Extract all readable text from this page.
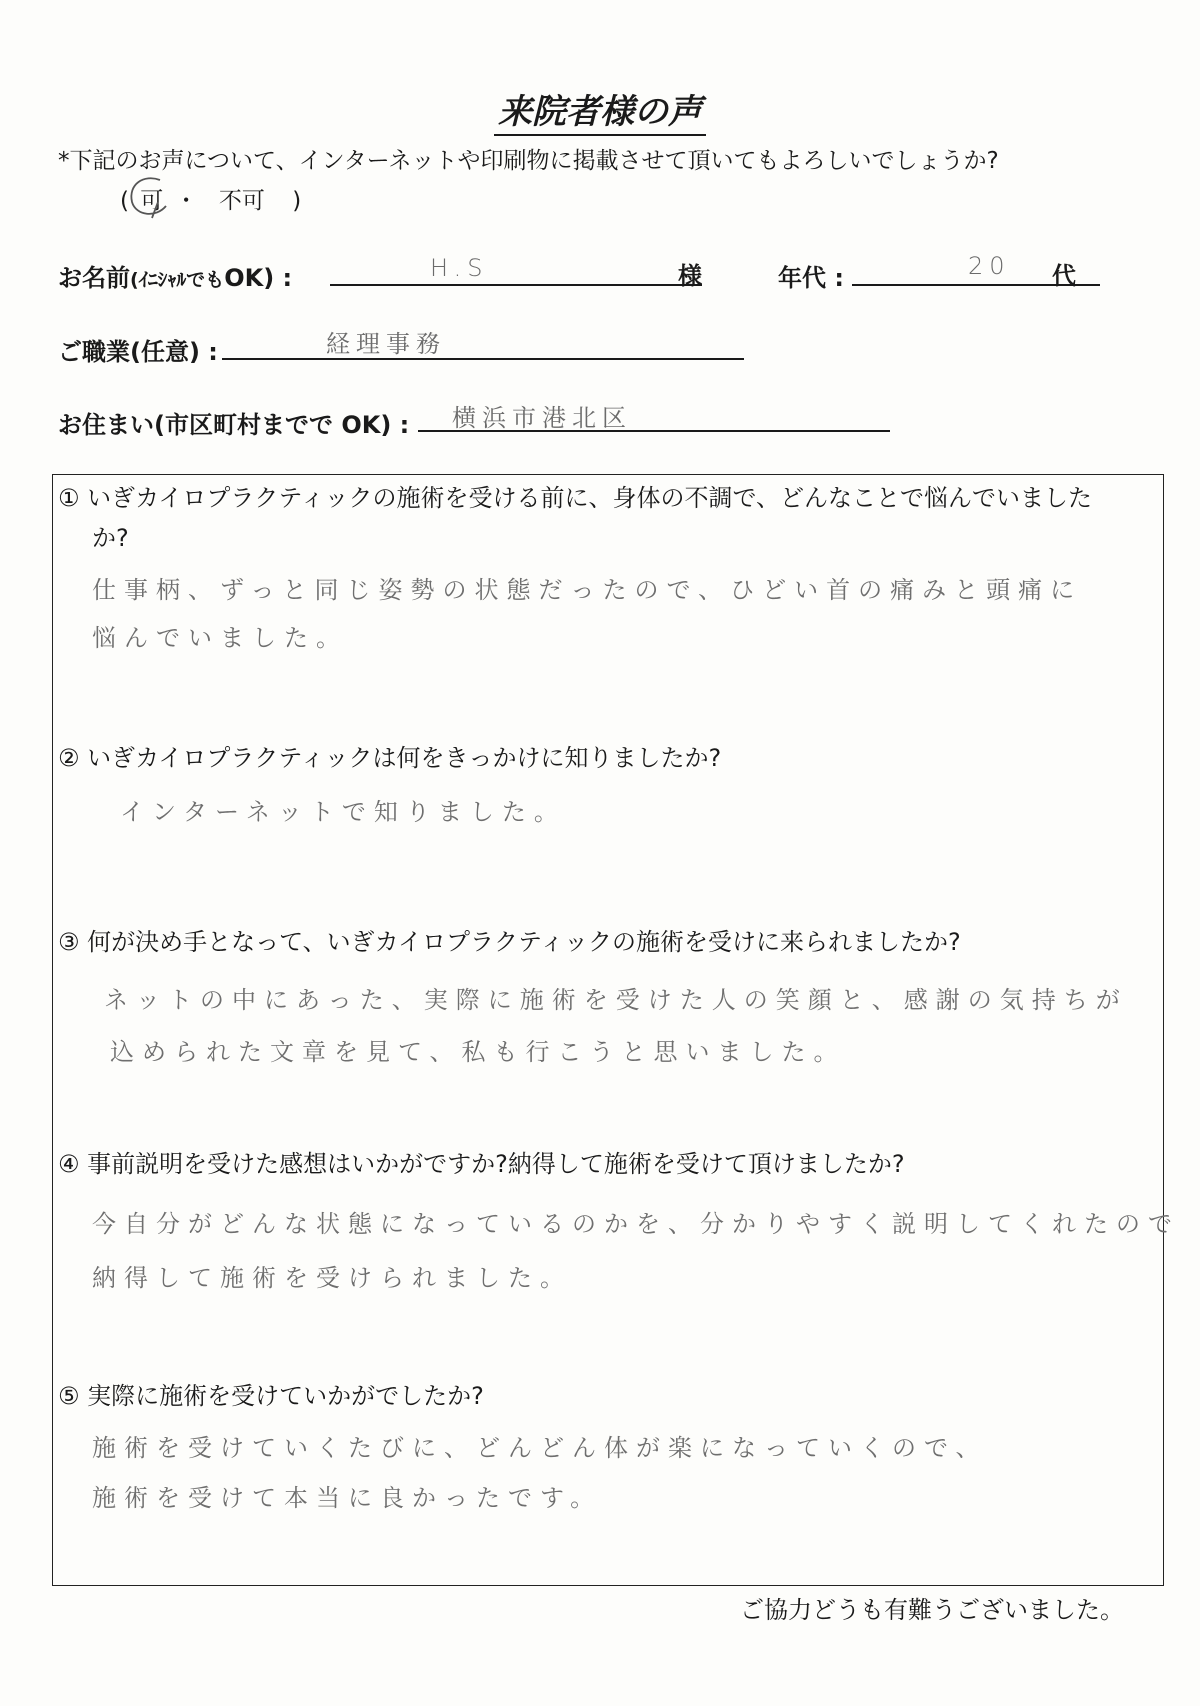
来院者様の声
*下記のお声について、インターネットや印刷物に掲載させて頂いてもよろしいでしょうか?
( 可 ・ 不可 )
お名前(ｲﾆｼｬﾙでもOK) :	H.S	様	年代 :	20 代
ご職業(任意) :	経理事務
お住まい(市区町村までで OK) : 横浜市港北区
① いぎカイロプラクティックの施術を受ける前に、身体の不調で、どんなことで悩んでいました
か?
仕事柄、ずっと同じ姿勢の状態だったので、ひどい首の痛みと頭痛に
悩んでいました。
② いぎカイロプラクティックは何をきっかけに知りましたか?
インターネットで知りました。
③ 何が決め手となって、いぎカイロプラクティックの施術を受けに来られましたか?
ネットの中にあった、実際に施術を受けた人の笑顔と、感謝の気持ちが
込められた文章を見て、私も行こうと思いました。
④ 事前説明を受けた感想はいかがですか?納得して施術を受けて頂けましたか?
今自分がどんな状態になっているのかを、分かりやすく説明してくれたので
納得して施術を受けられました。
⑤ 実際に施術を受けていかがでしたか?
施術を受けていくたびに、どんどん体が楽になっていくので、
施術を受けて本当に良かったです。
ご協力どうも有難うございました。
